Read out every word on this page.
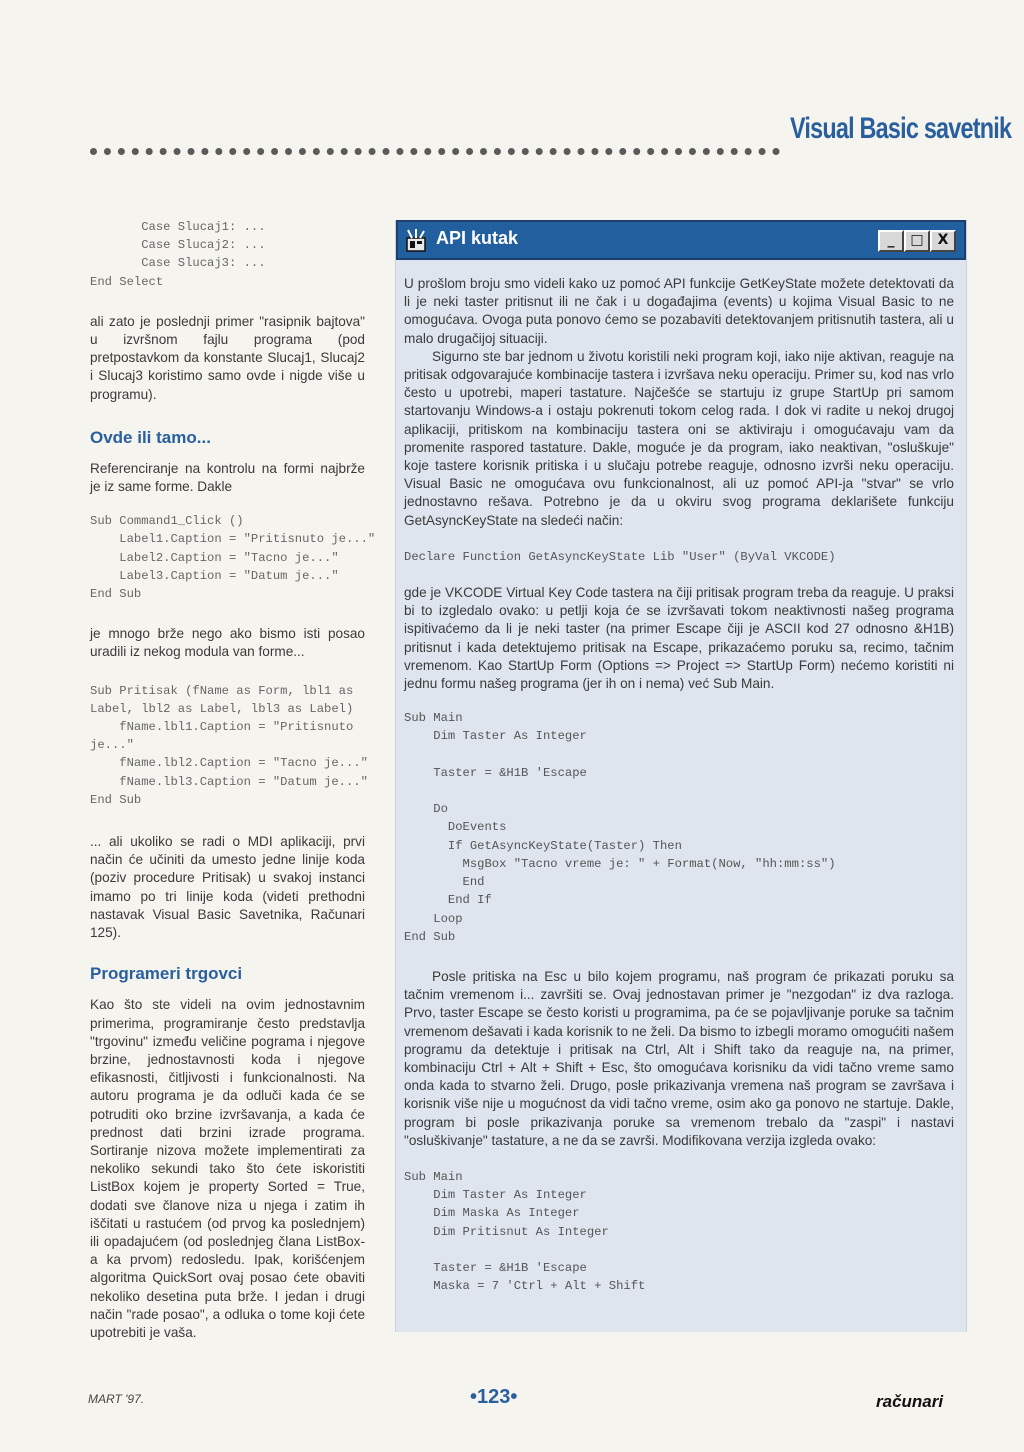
Visual Basic savetnik
Case Slucaj1: ...
Case Slucaj2: ...
Case Slucaj3: ...
End Select

ali zato je poslednji primer "rasipnik bajtova" u izvršnom fajlu programa (pod pretpostavkom da konstante Slucaj1, Slucaj2 i Slucaj3 koristimo samo ovde i nigde više u programu).

Ovde ili tamo...

Referenciranje na kontrolu na formi najbrže je iz same forme. Dakle

Sub Command1_Click ()
Label1.Caption = "Pritisnuto je..."
Label2.Caption = "Tacno je..."
Label3.Caption = "Datum je..."
End Sub

je mnogo brže nego ako bismo isti posao uradili iz nekog modula van forme...

Sub Pritisak (fName as Form, lbl1 as
Label, lbl2 as Label, lbl3 as Label)
fName.lbl1.Caption = "Pritisnuto
je..."
fName.lbl2.Caption = "Tacno je..."
fName.lbl3.Caption = "Datum je..."
End Sub

... ali ukoliko se radi o MDI aplikaciji, prvi način će učiniti da umesto jedne linije koda (poziv procedure Pritisak) u svakoj instanci imamo po tri linije koda (videti prethodni nastavak Visual Basic Savetnika, Računari 125).

Programeri trgovci

Kao što ste videli na ovim jednostavnim primerima, programiranje često predstavlja "trgovinu" između veličine pograma i njegove brzine, jednostavnosti koda i njegove efikasnosti, čitljivosti i funkcionalnosti. Na autoru programa je da odluči kada će se potruditi oko brzine izvršavanja, a kada će prednost dati brzini izrade programa. Sortiranje nizova možete implementirati za nekoliko sekundi tako što ćete iskoristiti ListBox kojem je property Sorted = True, dodati sve članove niza u njega i zatim ih iščitati u rastućem (od prvog ka poslednjem) ili opadajućem (od poslednjeg člana ListBox-a ka prvom) redosledu. Ipak, korišćenjem algoritma QuickSort ovaj posao ćete obaviti nekoliko desetina puta brže. I jedan i drugi način "rade posao", a odluka o tome koji ćete upotrebiti je vaša.

API kutak	_	□ X

U prošlom broju smo videli kako uz pomoć API funkcije GetKeyState možete detektovati da li je neki taster pritisnut ili ne čak i u događajima (events) u kojima Visual Basic to ne omogućava. Ovoga puta ponovo ćemo se pozabaviti detektovanjem pritisnutih tastera, ali u malo drugačijoj situaciji.

Sigurno ste bar jednom u životu koristili neki program koji, iako nije aktivan, reaguje na pritisak odgovarajuće kombinacije tastera i izvršava neku operaciju. Primer su, kod nas vrlo često u upotrebi, maperi tastature. Najčešće se startuju iz grupe StartUp pri samom startovanju Windows-a i ostaju pokrenuti tokom celog rada. I dok vi radite u nekoj drugoj aplikaciji, pritiskom na kombinaciju tastera oni se aktiviraju i omogućavaju vam da promenite raspored tastature. Dakle, moguće je da program, iako neaktivan, "osluškuje" koje tastere korisnik pritiska i u slučaju potrebe reaguje, odnosno izvrši neku operaciju. Visual Basic ne omogućava ovu funkcionalnost, ali uz pomoć API-ja "stvar" se vrlo jednostavno rešava. Potrebno je da u okviru svog programa deklarišete funkciju GetAsyncKeyState na sledeći način:

Declare Function GetAsyncKeyState Lib "User" (ByVal VKCODE)

gde je VKCODE Virtual Key Code tastera na čiji pritisak program treba da reaguje. U praksi bi to izgledalo ovako: u petlji koja će se izvršavati tokom neaktivnosti našeg programa ispitivaćemo da li je neki taster (na primer Escape čiji je ASCII kod 27 odnosno &H1B) pritisnut i kada detektujemo pritisak na Escape, prikazaćemo poruku sa, recimo, tačnim vremenom. Kao StartUp Form (Options => Project => StartUp Form) nećemo koristiti ni jednu formu našeg programa (jer ih on i nema) već Sub Main.

Sub Main
Dim Taster As Integer

Taster = &H1B 'Escape

Do
DoEvents
If GetAsyncKeyState(Taster) Then
MsgBox "Tacno vreme je: " + Format(Now, "hh:mm:ss")
End
End If
Loop
End Sub

Posle pritiska na Esc u bilo kojem programu, naš program će prikazati poruku sa tačnim vremenom i... završiti se. Ovaj jednostavan primer je "nezgodan" iz dva razloga. Prvo, taster Escape se često koristi u programima, pa će se pojavljivanje poruke sa tačnim vremenom dešavati i kada korisnik to ne želi. Da bismo to izbegli moramo omogućiti našem programu da detektuje i pritisak na Ctrl, Alt i Shift tako da reaguje na, na primer, kombinaciju Ctrl + Alt + Shift + Esc, što omogućava korisniku da vidi tačno vreme samo onda kada to stvarno želi. Drugo, posle prikazivanja vremena naš program se završava i korisnik više nije u mogućnost da vidi tačno vreme, osim ako ga ponovo ne startuje. Dakle, program bi posle prikazivanja poruke sa vremenom trebalo da "zaspi" i nastavi "osluškivanje" tastature, a ne da se završi. Modifikovana verzija izgleda ovako:

Sub Main
Dim Taster As Integer
Dim Maska As Integer
Dim Pritisnut As Integer

Taster = &H1B 'Escape
Maska = 7 'Ctrl + Alt + Shift
MART '97.	•123•	računari
